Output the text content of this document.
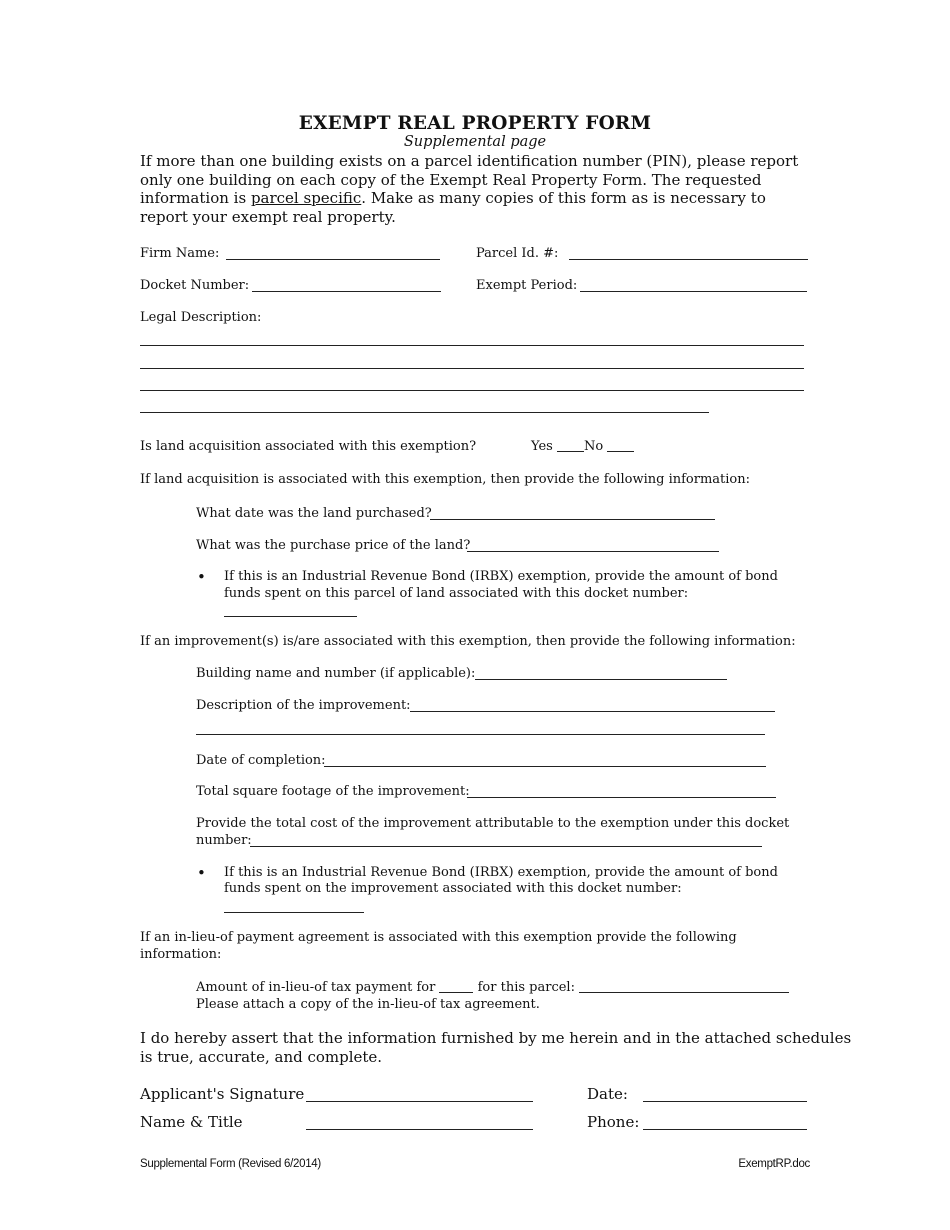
EXEMPT REAL PROPERTY FORM
Supplemental page
If more than one building exists on a parcel identification number (PIN), please report only one building on each copy of the Exempt Real Property Form. The requested information is parcel specific. Make as many copies of this form as is necessary to report your exempt real property.
Firm Name:	Parcel Id. #:
Docket Number:	Exempt Period:
Legal Description:
Is land acquisition associated with this exemption?	Yes No
If land acquisition is associated with this exemption, then provide the following information:
What date was the land purchased?
What was the purchase price of the land?
• If this is an Industrial Revenue Bond (IRBX) exemption, provide the amount of bond
funds spent on this parcel of land associated with this docket number:
If an improvement(s) is/are associated with this exemption, then provide the following information:
Building name and number (if applicable):
Description of the improvement:
Date of completion:
Total square footage of the improvement:
Provide the total cost of the improvement attributable to the exemption under this docket
number:
• If this is an Industrial Revenue Bond (IRBX) exemption, provide the amount of bond
funds spent on the improvement associated with this docket number:
If an in-lieu-of payment agreement is associated with this exemption provide the following
information:
Amount of in-lieu-of tax payment for	for this parcel:
Please attach a copy of the in-lieu-of tax agreement.
I do hereby assert that the information furnished by me herein and in the attached schedules
is true, accurate, and complete.
Applicant's Signature	Date:
Name & Title	Phone:
Supplemental Form (Revised 6/2014)	ExemptRP.doc
